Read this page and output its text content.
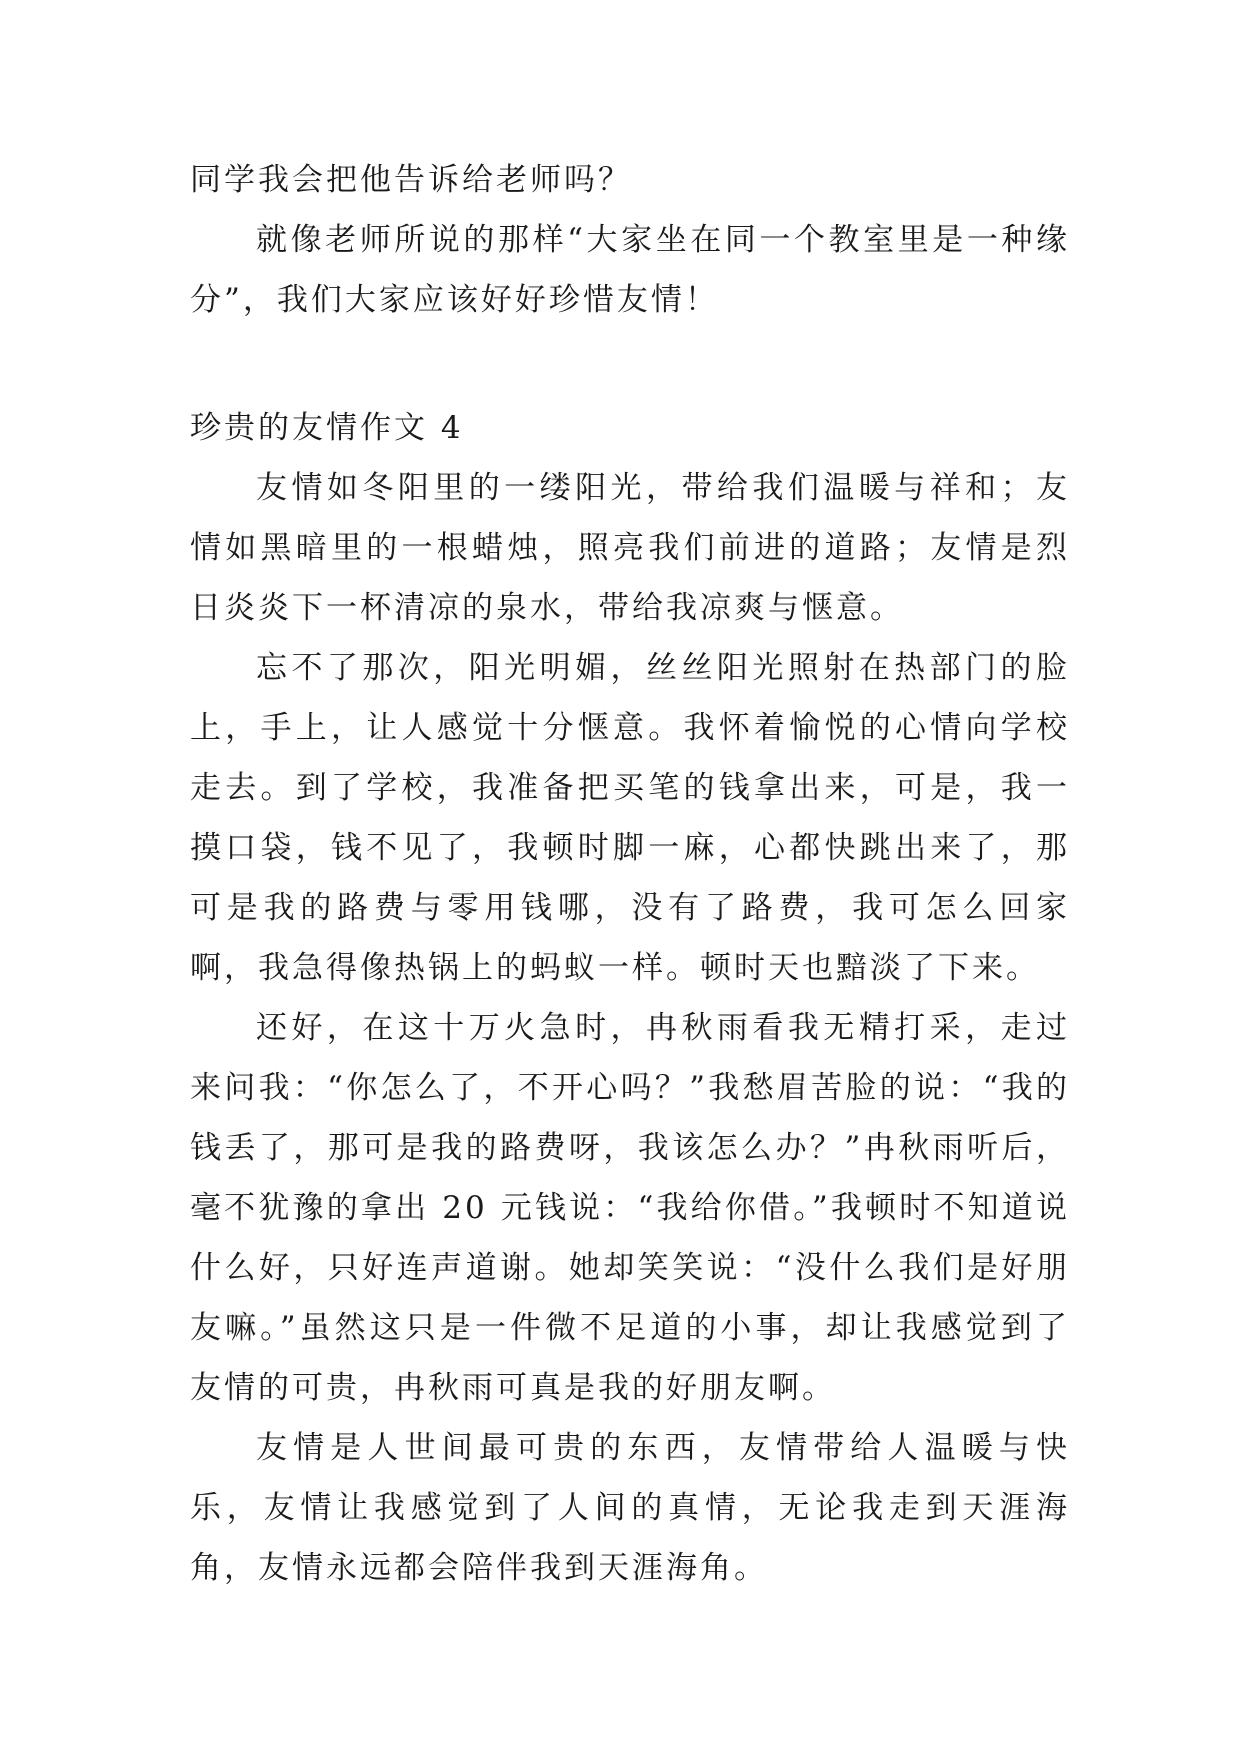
同学我会把他告诉给老师吗？

就像老师所说的那样“大家坐在同一个教室里是一种缘分”，我们大家应该好好珍惜友情！

珍贵的友情作文 4

友情如冬阳里的一缕阳光，带给我们温暖与祥和；友情如黑暗里的一根蜡烛，照亮我们前进的道路；友情是烈日炎炎下一杯清凉的泉水，带给我凉爽与惬意。

忘不了那次，阳光明媚，丝丝阳光照射在热部门的脸上，手上，让人感觉十分惬意。我怀着愉悦的心情向学校走去。到了学校，我准备把买笔的钱拿出来，可是，我一摸口袋，钱不见了，我顿时脚一麻，心都快跳出来了，那可是我的路费与零用钱哪，没有了路费，我可怎么回家啊，我急得像热锅上的蚂蚁一样。顿时天也黯淡了下来。

还好，在这十万火急时，冉秋雨看我无精打采，走过来问我：“你怎么了，不开心吗？”我愁眉苦脸的说：“我的钱丢了，那可是我的路费呀，我该怎么办？”冉秋雨听后，毫不犹豫的拿出 20 元钱说：“我给你借。”我顿时不知道说什么好，只好连声道谢。她却笑笑说：“没什么我们是好朋友嘛。”虽然这只是一件微不足道的小事，却让我感觉到了友情的可贵，冉秋雨可真是我的好朋友啊。

友情是人世间最可贵的东西，友情带给人温暖与快乐，友情让我感觉到了人间的真情，无论我走到天涯海角，友情永远都会陪伴我到天涯海角。
